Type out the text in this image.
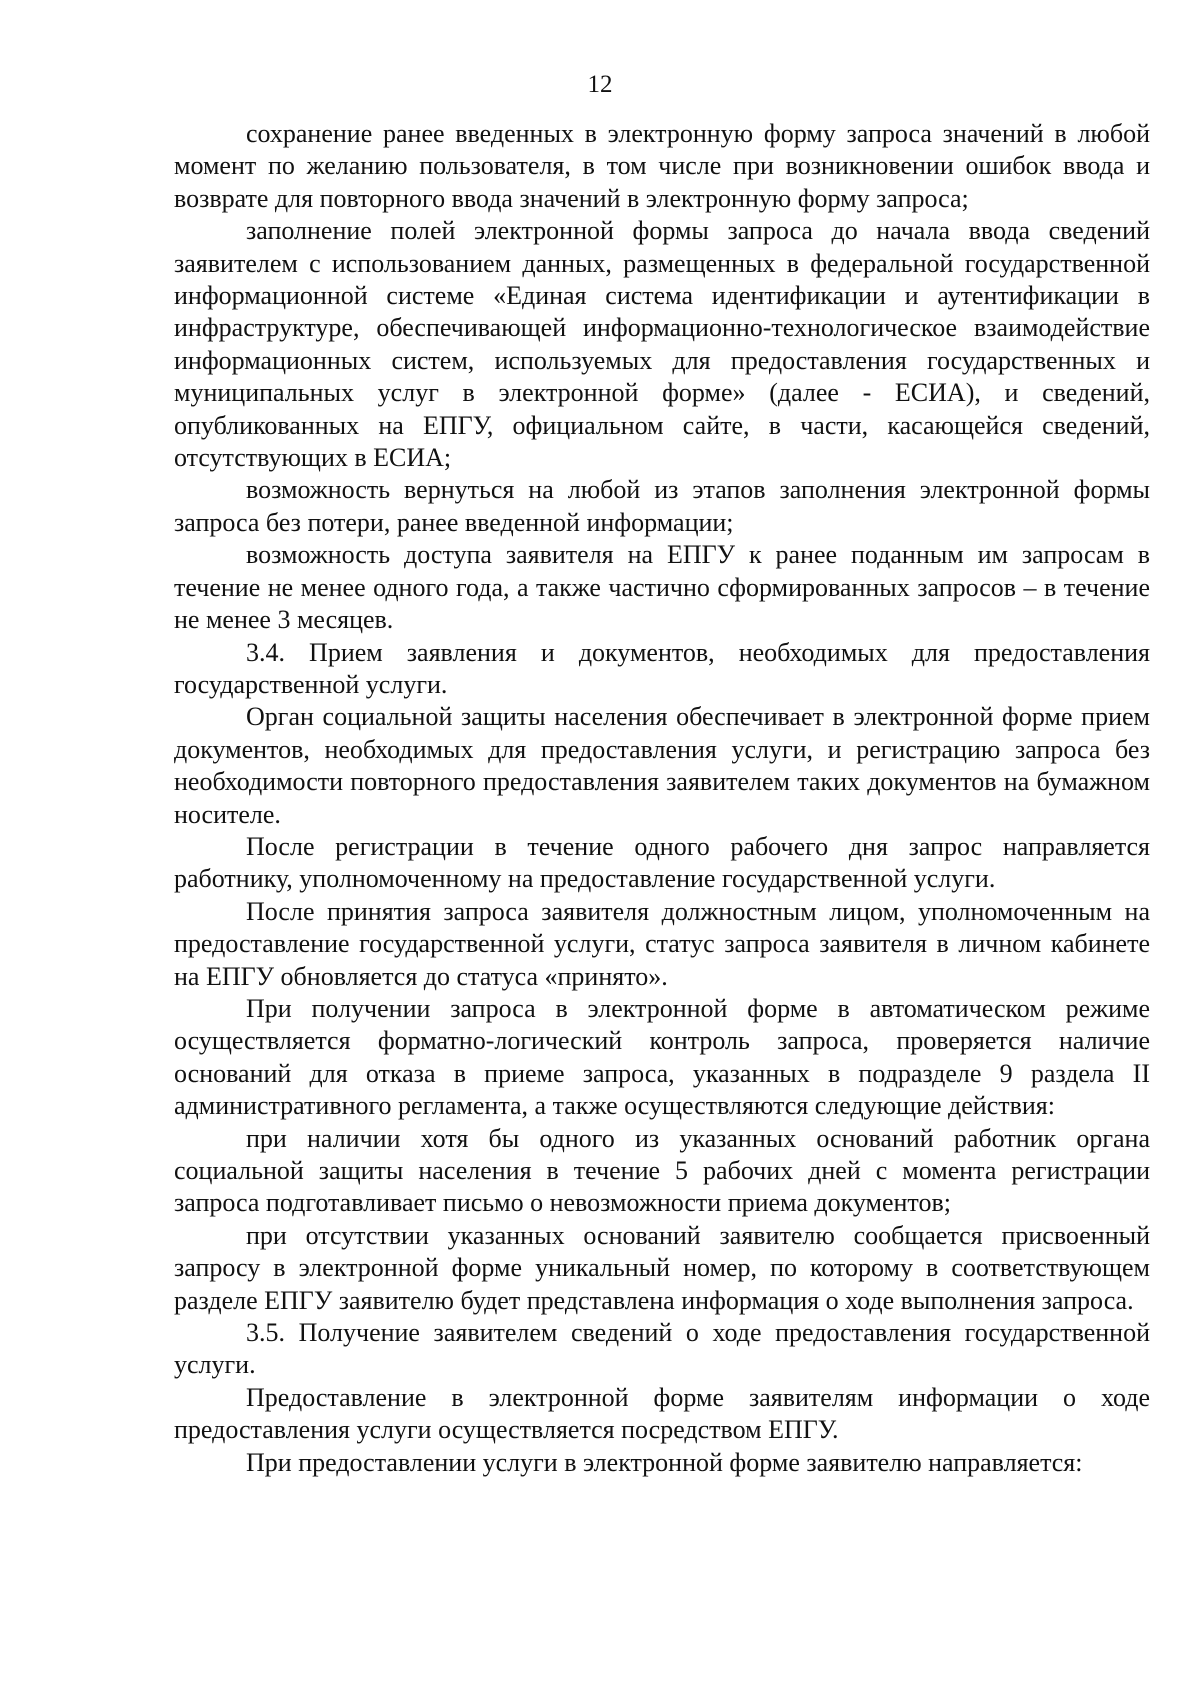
12

сохранение ранее введенных в электронную форму запроса значений в любой момент по желанию пользователя, в том числе при возникновении ошибок ввода и возврате для повторного ввода значений в электронную форму запроса;

заполнение полей электронной формы запроса до начала ввода сведений заявителем с использованием данных, размещенных в федеральной государственной информационной системе «Единая система идентификации и аутентификации в инфраструктуре, обеспечивающей информационно-технологическое взаимодействие информационных систем, используемых для предоставления государственных и муниципальных услуг в электронной форме» (далее - ЕСИА), и сведений, опубликованных на ЕПГУ, официальном сайте, в части, касающейся сведений, отсутствующих в ЕСИА;

возможность вернуться на любой из этапов заполнения электронной формы запроса без потери, ранее введенной информации;

возможность доступа заявителя на ЕПГУ к ранее поданным им запросам в течение не менее одного года, а также частично сформированных запросов – в течение не менее 3 месяцев.

3.4. Прием заявления и документов, необходимых для предоставления государственной услуги.

Орган социальной защиты населения обеспечивает в электронной форме прием документов, необходимых для предоставления услуги, и регистрацию запроса без необходимости повторного предоставления заявителем таких документов на бумажном носителе.

После регистрации в течение одного рабочего дня запрос направляется работнику, уполномоченному на предоставление государственной услуги.

После принятия запроса заявителя должностным лицом, уполномоченным на предоставление государственной услуги, статус запроса заявителя в личном кабинете на ЕПГУ обновляется до статуса «принято».

При получении запроса в электронной форме в автоматическом режиме осуществляется форматно-логический контроль запроса, проверяется наличие оснований для отказа в приеме запроса, указанных в подразделе 9 раздела II административного регламента, а также осуществляются следующие действия:

при наличии хотя бы одного из указанных оснований работник органа социальной защиты населения в течение 5 рабочих дней с момента регистрации запроса подготавливает письмо о невозможности приема документов;

при отсутствии указанных оснований заявителю сообщается присвоенный запросу в электронной форме уникальный номер, по которому в соответствующем разделе ЕПГУ заявителю будет представлена информация о ходе выполнения запроса.

3.5. Получение заявителем сведений о ходе предоставления государственной услуги.

Предоставление в электронной форме заявителям информации о ходе предоставления услуги осуществляется посредством ЕПГУ.

При предоставлении услуги в электронной форме заявителю направляется:
